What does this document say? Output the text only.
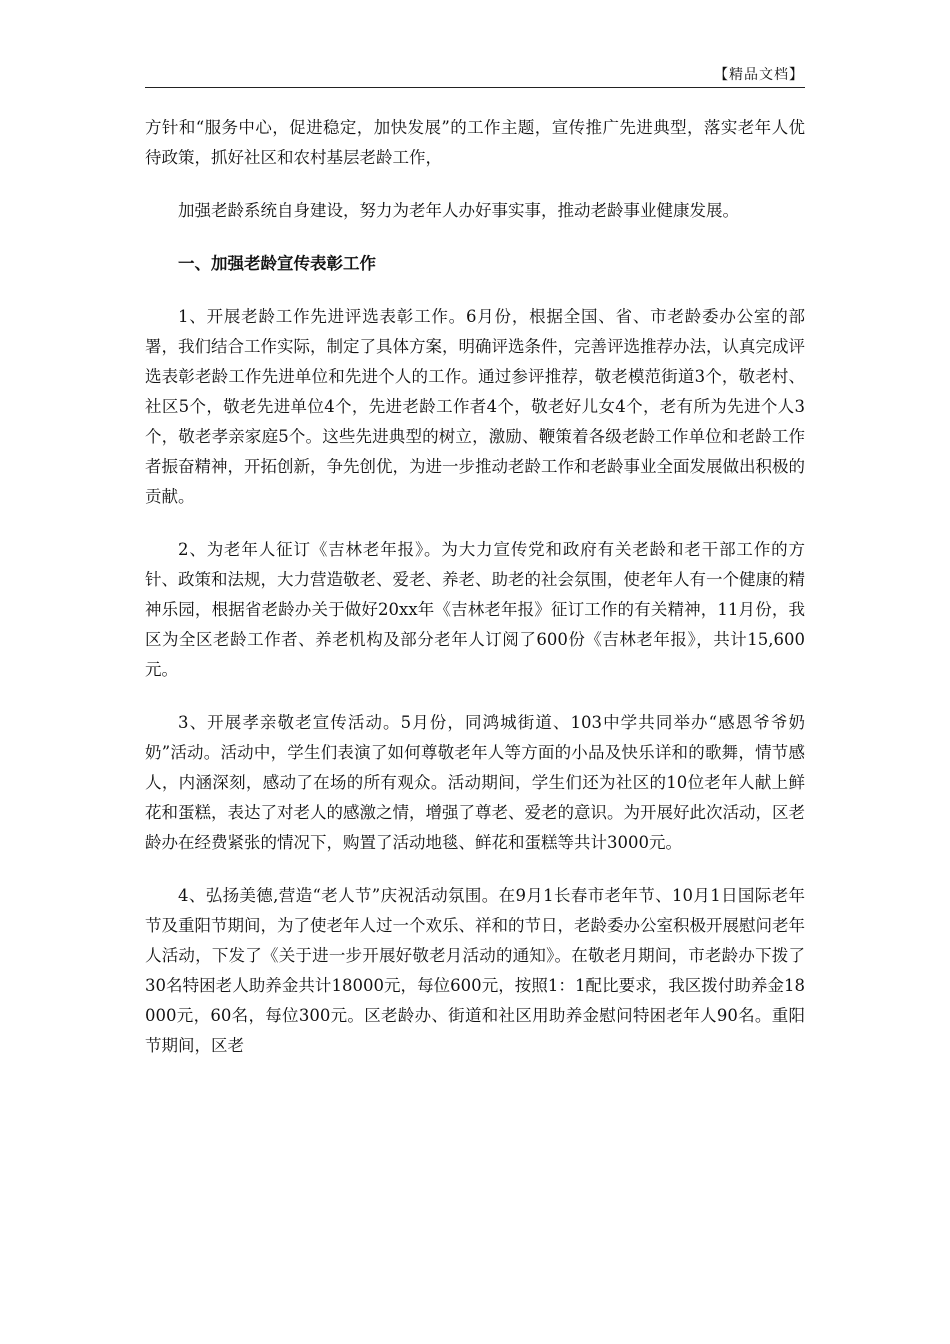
【精品文档】

方针和“服务中心，促进稳定，加快发展”的工作主题，宣传推广先进典型，落实老年人优待政策，抓好社区和农村基层老龄工作，

加强老龄系统自身建设，努力为老年人办好事实事，推动老龄事业健康发展。

一、加强老龄宣传表彰工作

1、开展老龄工作先进评选表彰工作。6月份，根据全国、省、市老龄委办公室的部署，我们结合工作实际，制定了具体方案，明确评选条件，完善评选推荐办法，认真完成评选表彰老龄工作先进单位和先进个人的工作。通过参评推荐，敬老模范街道3个，敬老村、社区5个，敬老先进单位4个，先进老龄工作者4个，敬老好儿女4个，老有所为先进个人3个，敬老孝亲家庭5个。这些先进典型的树立，激励、鞭策着各级老龄工作单位和老龄工作者振奋精神，开拓创新，争先创优，为进一步推动老龄工作和老龄事业全面发展做出积极的贡献。

2、为老年人征订《吉林老年报》。为大力宣传党和政府有关老龄和老干部工作的方针、政策和法规，大力营造敬老、爱老、养老、助老的社会氛围，使老年人有一个健康的精神乐园，根据省老龄办关于做好20xx年《吉林老年报》征订工作的有关精神，11月份，我区为全区老龄工作者、养老机构及部分老年人订阅了600份《吉林老年报》，共计15,600元。

3、开展孝亲敬老宣传活动。5月份，同鸿城街道、103中学共同举办“感恩爷爷奶奶”活动。活动中，学生们表演了如何尊敬老年人等方面的小品及快乐详和的歌舞，情节感人，内涵深刻，感动了在场的所有观众。活动期间，学生们还为社区的10位老年人献上鲜花和蛋糕，表达了对老人的感激之情，增强了尊老、爱老的意识。为开展好此次活动，区老龄办在经费紧张的情况下，购置了活动地毯、鲜花和蛋糕等共计3000元。

4、弘扬美德,营造“老人节”庆祝活动氛围。在9月1长春市老年节、10月1日国际老年节及重阳节期间，为了使老年人过一个欢乐、祥和的节日，老龄委办公室积极开展慰问老年人活动，下发了《关于进一步开展好敬老月活动的通知》。在敬老月期间，市老龄办下拨了30名特困老人助养金共计18000元，每位600元，按照1：1配比要求，我区拨付助养金18000元，60名，每位300元。区老龄办、街道和社区用助养金慰问特困老年人90名。重阳节期间，区老
